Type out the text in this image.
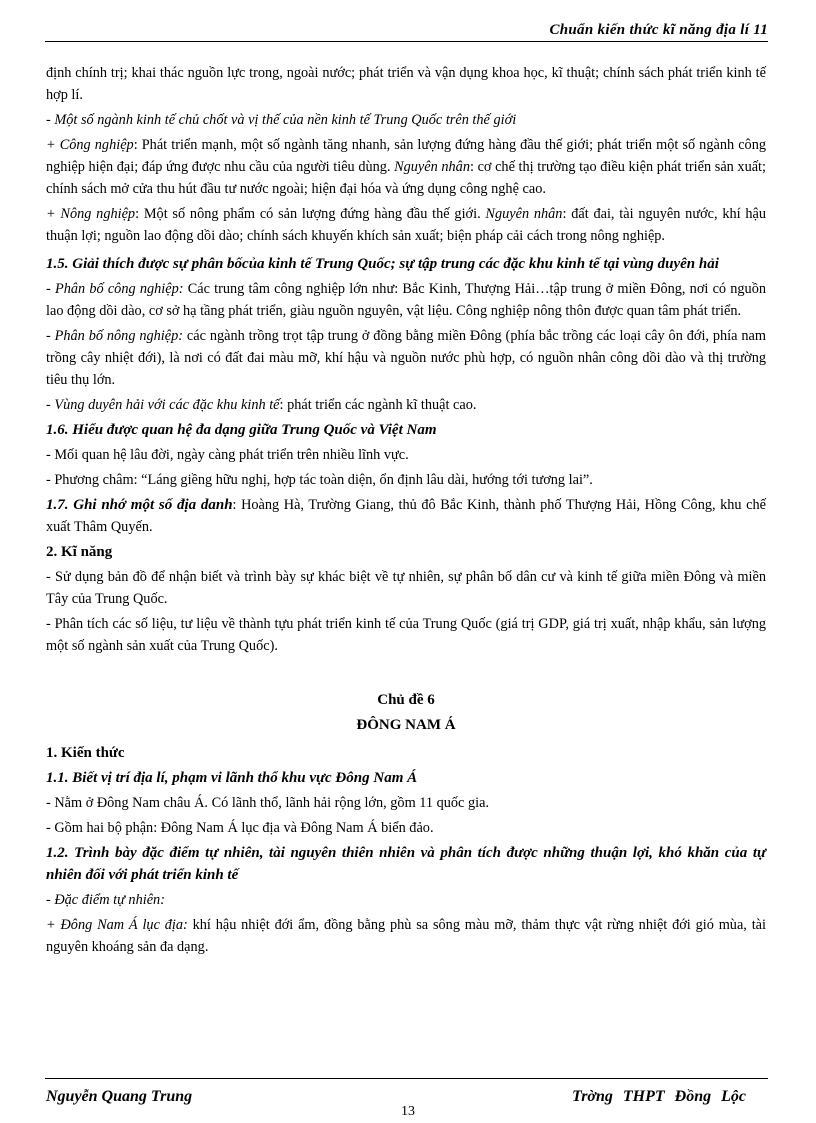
Chuẩn kiến thức kĩ năng địa lí 11

định chính trị; khai thác nguồn lực trong, ngoài nước; phát triển và vận dụng khoa học, kĩ thuật; chính sách phát triển kinh tế hợp lí.

- Một số ngành kinh tế chủ chốt và vị thế của nền kinh tế Trung Quốc trên thế giới

+ Công nghiệp: Phát triển mạnh, một số ngành tăng nhanh, sản lượng đứng hàng đầu thế giới; phát triển một số ngành công nghiệp hiện đại; đáp ứng được nhu cầu của người tiêu dùng. Nguyên nhân: cơ chế thị trường tạo điều kiện phát triển sản xuất; chính sách mở cửa thu hút đầu tư nước ngoài; hiện đại hóa và ứng dụng công nghệ cao.

+ Nông nghiệp: Một số nông phẩm có sản lượng đứng hàng đầu thế giới. Nguyên nhân: đất đai, tài nguyên nước, khí hậu thuận lợi; nguồn lao động dồi dào; chính sách khuyến khích sản xuất; biện pháp cải cách trong nông nghiệp.

1.5. Giải thích được sự phân bốcủa kinh tế Trung Quốc; sự tập trung các đặc khu kinh tế tại vùng duyên hải

- Phân bố công nghiệp: Các trung tâm công nghiệp lớn như: Bắc Kinh, Thượng Hải…tập trung ở miền Đông, nơi có nguồn lao động dồi dào, cơ sở hạ tầng phát triển, giàu nguồn nguyên, vật liệu. Công nghiệp nông thôn được quan tâm phát triển.

- Phân bố nông nghiệp: các ngành trồng trọt tập trung ở đồng bằng miền Đông (phía bắc trồng các loại cây ôn đới, phía nam trồng cây nhiệt đới), là nơi có đất đai màu mỡ, khí hậu và nguồn nước phù hợp, có nguồn nhân công dồi dào và thị trường tiêu thụ lớn.

- Vùng duyên hải với các đặc khu kinh tế: phát triển các ngành kĩ thuật cao.

1.6. Hiểu được quan hệ đa dạng giữa Trung Quốc và Việt Nam

- Mối quan hệ lâu đời, ngày càng phát triển trên nhiều lĩnh vực.

- Phương châm: “Láng giềng hữu nghị, hợp tác toàn diện, ổn định lâu dài, hướng tới tương lai”.

1.7. Ghi nhớ một số địa danh: Hoàng Hà, Trường Giang, thủ đô Bắc Kinh, thành phố Thượng Hải, Hồng Công, khu chế xuất Thâm Quyến.

2. Kĩ năng

- Sử dụng bản đồ để nhận biết và trình bày sự khác biệt về tự nhiên, sự phân bố dân cư và kinh tế giữa miền Đông và miền Tây của Trung Quốc.

- Phân tích các số liệu, tư liệu về thành tựu phát triển kinh tế của Trung Quốc (giá trị GDP, giá trị xuất, nhập khẩu, sản lượng một số ngành sản xuất của Trung Quốc).

Chủ đề 6

ĐÔNG NAM Á

1. Kiến thức

1.1. Biết vị trí địa lí, phạm vi lãnh thổ khu vực Đông Nam Á

- Nằm ở Đông Nam châu Á. Có lãnh thổ, lãnh hải rộng lớn, gồm 11 quốc gia.

- Gồm hai bộ phận: Đông Nam Á lục địa và Đông Nam Á biển đảo.

1.2. Trình bày đặc điểm tự nhiên, tài nguyên thiên nhiên và phân tích được những thuận lợi, khó khăn của tự nhiên đối với phát triển kinh tế

- Đặc điểm tự nhiên:

+ Đông Nam Á lục địa: khí hậu nhiệt đới ẩm, đồng bằng phù sa sông màu mỡ, thảm thực vật rừng nhiệt đới gió mùa, tài nguyên khoáng sản đa dạng.

Nguyễn Quang Trung	Trờng THPT Đồng Lộc
13
